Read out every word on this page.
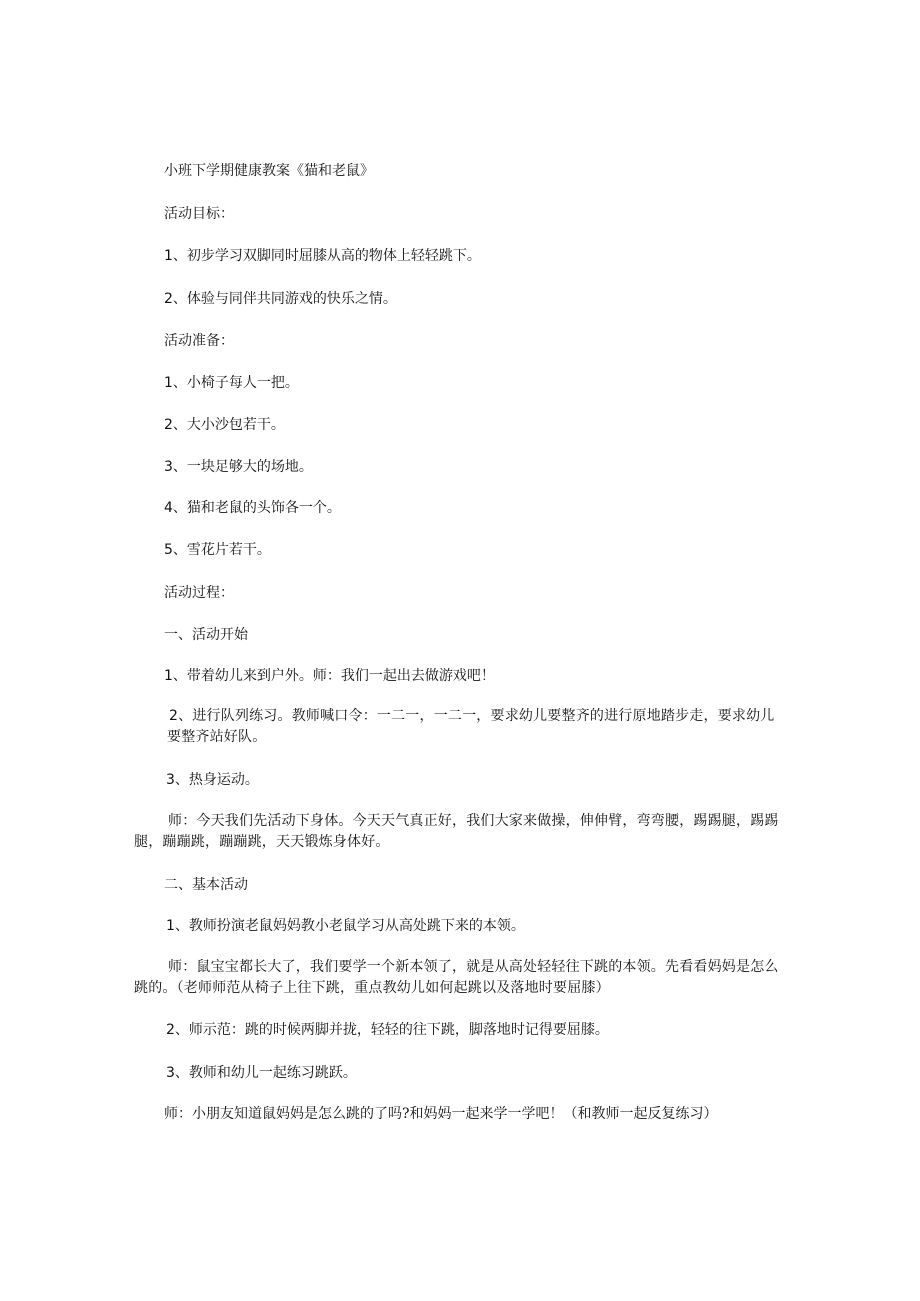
小班下学期健康教案《猫和老鼠》
活动目标：
1、初步学习双脚同时屈膝从高的物体上轻轻跳下。
2、体验与同伴共同游戏的快乐之情。
活动准备：
1、小椅子每人一把。
2、大小沙包若干。
3、一块足够大的场地。
4、猫和老鼠的头饰各一个。
5、雪花片若干。
活动过程：
一、活动开始
1、带着幼儿来到户外。师：我们一起出去做游戏吧！
2、进行队列练习。教师喊口令：一二一，一二一，要求幼儿要整齐的进行原地踏步走，要求幼儿要整齐站好队。
3、热身运动。
师：今天我们先活动下身体。今天天气真正好，我们大家来做操，伸伸臂，弯弯腰，踢踢腿，踢踢腿，蹦蹦跳，蹦蹦跳，天天锻炼身体好。
二、基本活动
1、教师扮演老鼠妈妈教小老鼠学习从高处跳下来的本领。
师：鼠宝宝都长大了，我们要学一个新本领了，就是从高处轻轻往下跳的本领。先看看妈妈是怎么跳的。（老师师范从椅子上往下跳，重点教幼儿如何起跳以及落地时要屈膝）
2、师示范：跳的时候两脚并拢，轻轻的往下跳，脚落地时记得要屈膝。
3、教师和幼儿一起练习跳跃。
师：小朋友知道鼠妈妈是怎么跳的了吗?和妈妈一起来学一学吧！（和教师一起反复练习）
